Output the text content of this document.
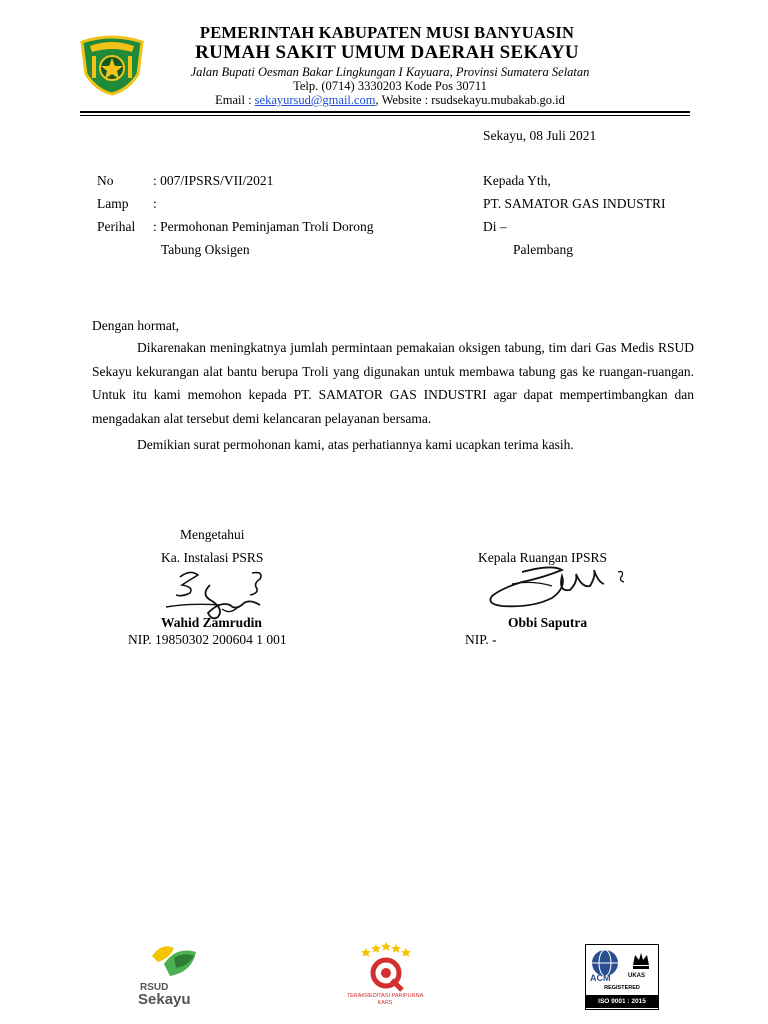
PEMERINTAH KABUPATEN MUSI BANYUASIN
RUMAH SAKIT UMUM DAERAH SEKAYU
Jalan Bupati Oesman Bakar Lingkungan I Kayuara, Provinsi Sumatera Selatan
Telp. (0714) 3330203 Kode Pos 30711
Email : sekayursud@gmail.com, Website : rsudsekayu.mubakab.go.id
Sekayu, 08 Juli 2021
No	: 007/IPSRS/VII/2021
Lamp :
Perihal : Permohonan Peminjaman Troli Dorong
Tabung Oksigen
Kepada Yth,
PT. SAMATOR GAS INDUSTRI
Di –
Palembang
Dengan hormat,
Dikarenakan meningkatnya jumlah permintaan pemakaian oksigen tabung, tim dari Gas Medis RSUD Sekayu kekurangan alat bantu berupa Troli yang digunakan untuk membawa tabung gas ke ruangan-ruangan. Untuk itu kami memohon kepada PT. SAMATOR GAS INDUSTRI agar dapat mempertimbangkan dan mengadakan alat tersebut demi kelancaran pelayanan bersama.
Demikian surat permohonan kami, atas perhatiannya kami ucapkan terima kasih.
Mengetahui
Ka. Instalasi PSRS
Wahid Zamrudin
NIP. 19850302 200604 1 001
Kepala Ruangan IPSRS
Obbi Saputra
NIP. -
RSUD
Sekayu	TERAKREDITASI PARIPURNA KARS
ACM	UKAS
REGISTERED
ISO 9001 : 2015
